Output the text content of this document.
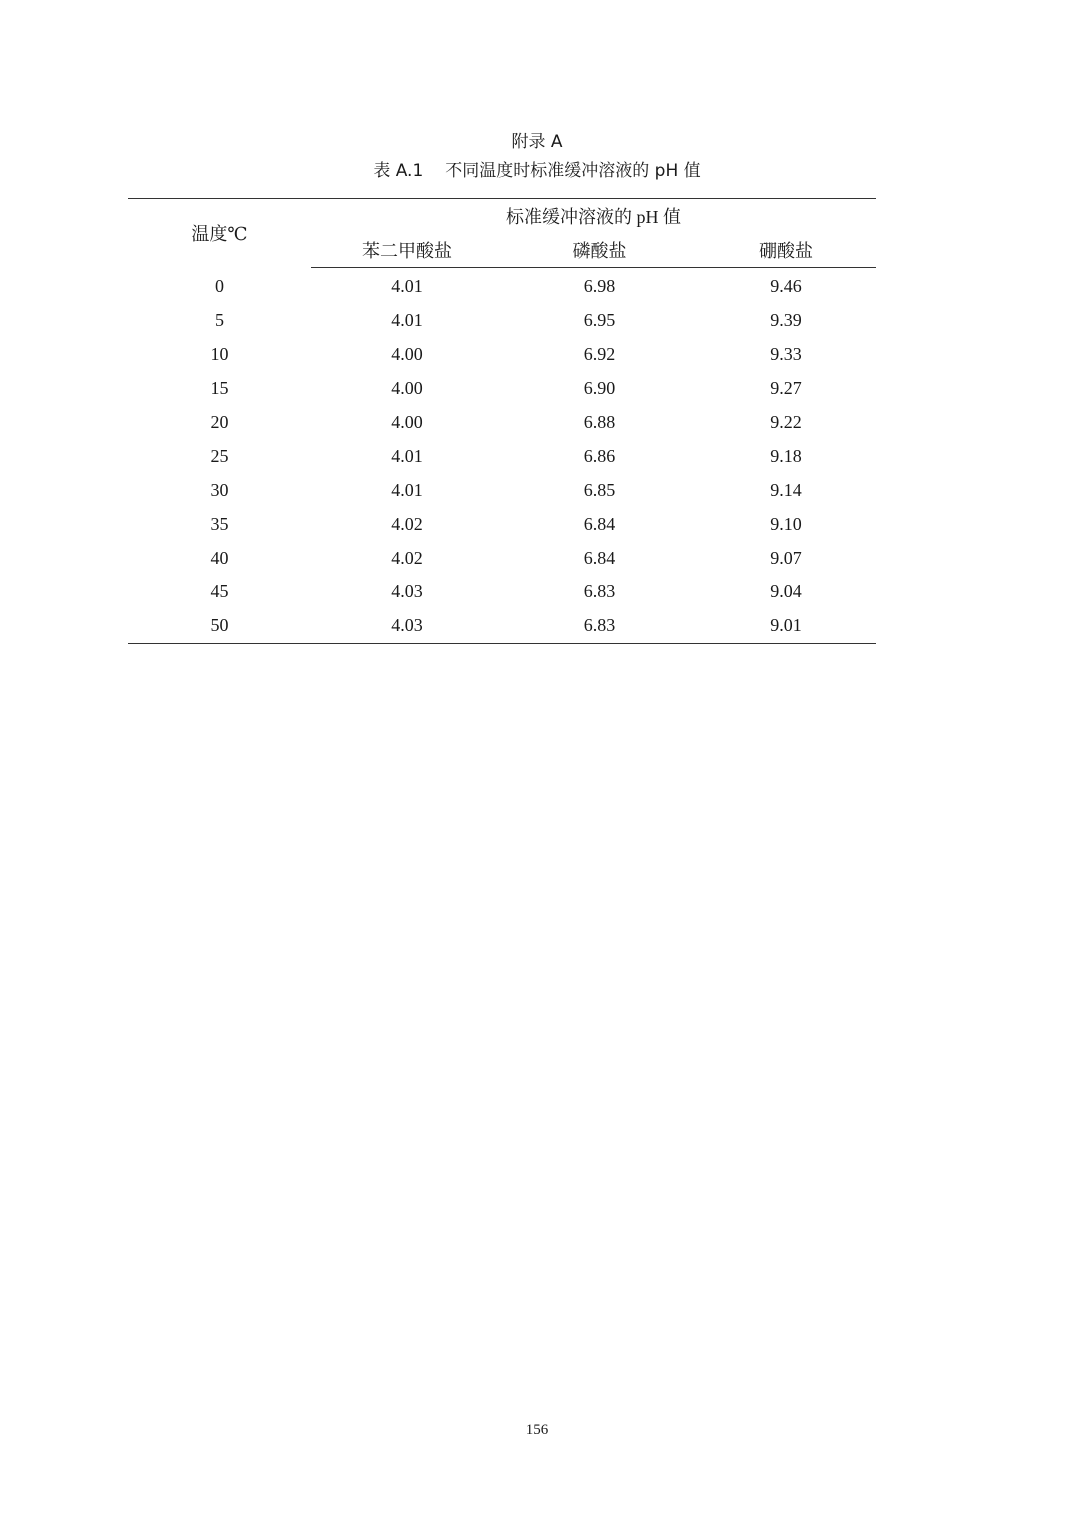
附录 A
表 A.1 不同温度时标准缓冲溶液的 pH 值
温度℃	标准缓冲溶液的 pH 值		
	苯二甲酸盐	磷酸盐	硼酸盐
0	4.01	6.98	9.46
5	4.01	6.95	9.39
10	4.00	6.92	9.33
15	4.00	6.90	9.27
20	4.00	6.88	9.22
25	4.01	6.86	9.18
30	4.01	6.85	9.14
35	4.02	6.84	9.10
40	4.02	6.84	9.07
45	4.03	6.83	9.04
50	4.03	6.83	9.01
156
